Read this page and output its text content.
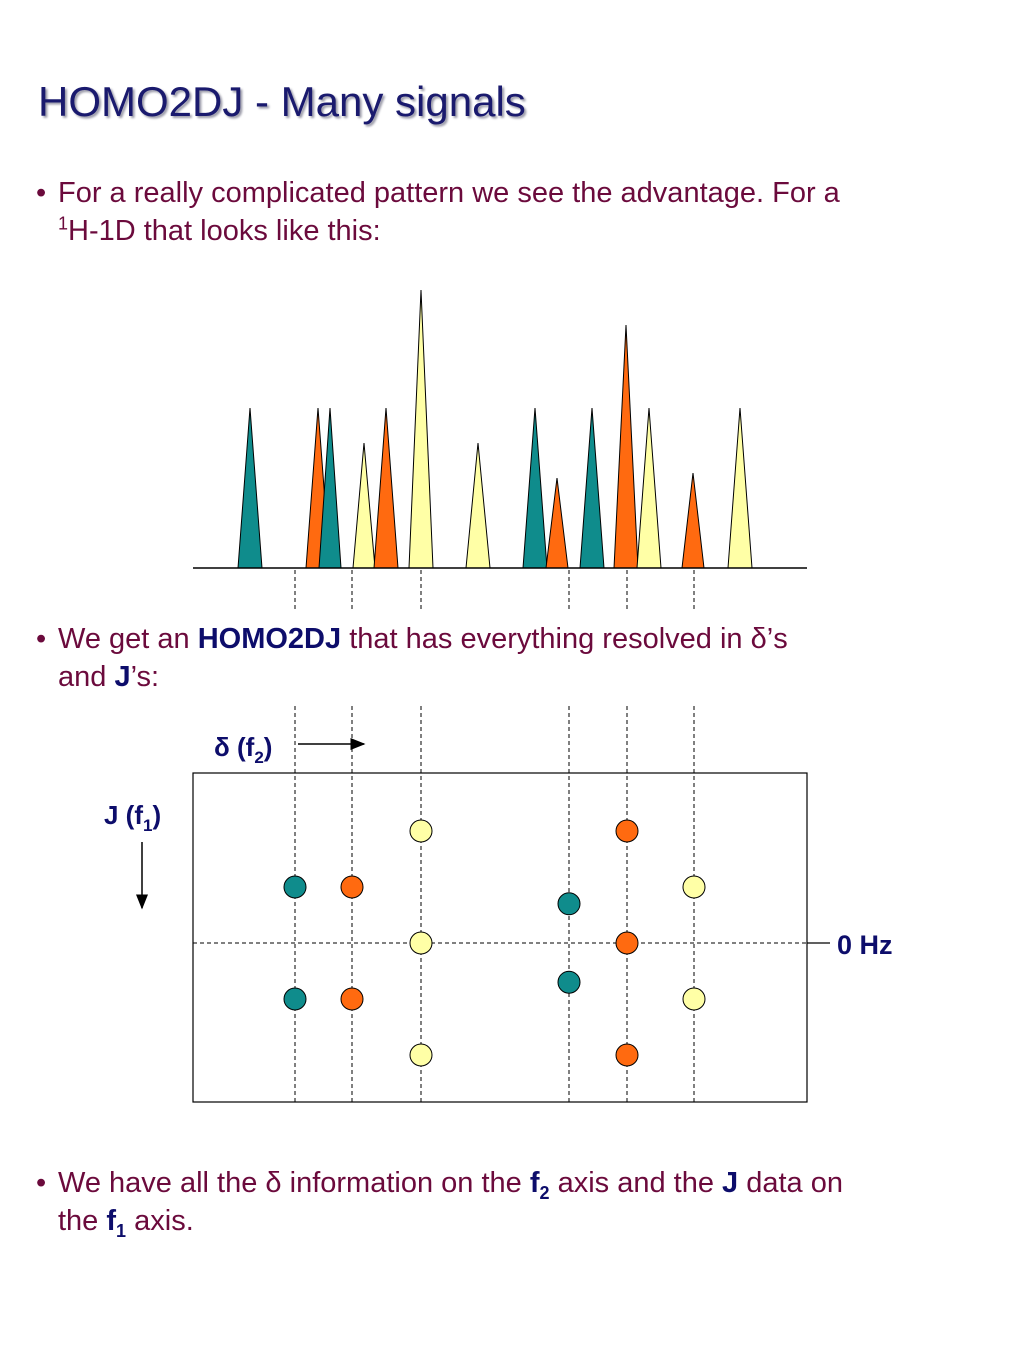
HOMO2DJ - Many signals
• For a really complicated pattern we see the advantage. For a
$^1$H-1D that looks like this:
• We get an HOMO2DJ that has everything resolved in δ’s
and J’s:
• We have all the δ information on the $f_2$ axis and the J data on
the $f_1$ axis.
δ $(f_2)$
J $(f_1)$
0 Hz
